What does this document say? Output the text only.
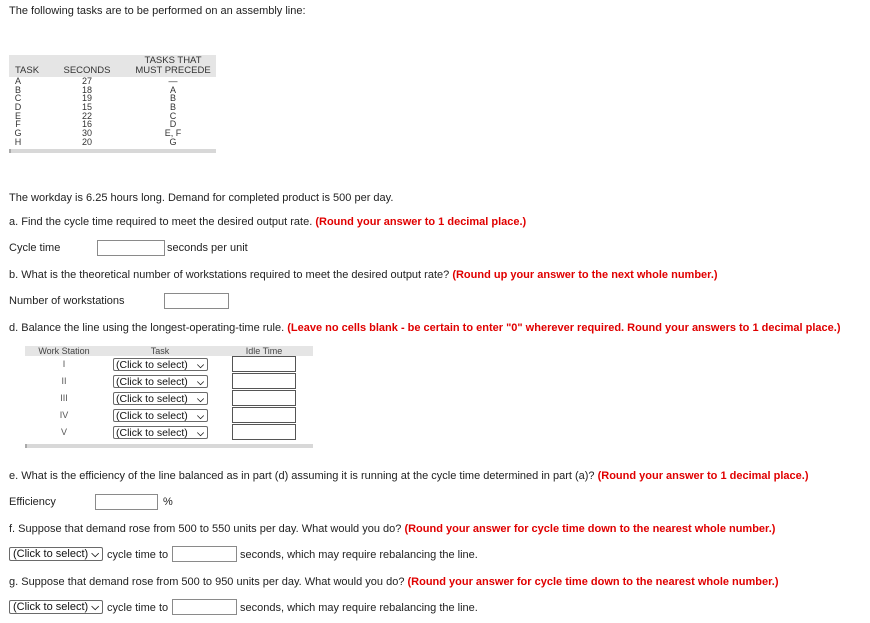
The following tasks are to be performed on an assembly line:
TASK	SECONDS
TASKS THAT
MUST PRECEDE
A	27	—
B	18	A
C	19	B
D	15	B
E	22	C
F	16	D
G	30	E, F
H	20	G
The workday is 6.25 hours long. Demand for completed product is 500 per day.
a. Find the cycle time required to meet the desired output rate. (Round your answer to 1 decimal place.)
Cycle time	seconds per unit
b. What is the theoretical number of workstations required to meet the desired output rate? (Round up your answer to the next whole number.)
Number of workstations
d. Balance the line using the longest-operating-time rule. (Leave no cells blank - be certain to enter "0" wherever required. Round your answers to 1 decimal place.)
Work Station	Task	Idle Time
I	(Click to select) ⌵
II	(Click to select) ⌵
III	(Click to select) ⌵
IV	(Click to select) ⌵
V	(Click to select) ⌵
e. What is the efficiency of the line balanced as in part (d) assuming it is running at the cycle time determined in part (a)? (Round your answer to 1 decimal place.)
Efficiency	%
f. Suppose that demand rose from 500 to 550 units per day. What would you do? (Round your answer for cycle time down to the nearest whole number.)
(Click to select) ⌵ cycle time to	seconds, which may require rebalancing the line.
g. Suppose that demand rose from 500 to 950 units per day. What would you do? (Round your answer for cycle time down to the nearest whole number.)
(Click to select) ⌵ cycle time to	seconds, which may require rebalancing the line.
